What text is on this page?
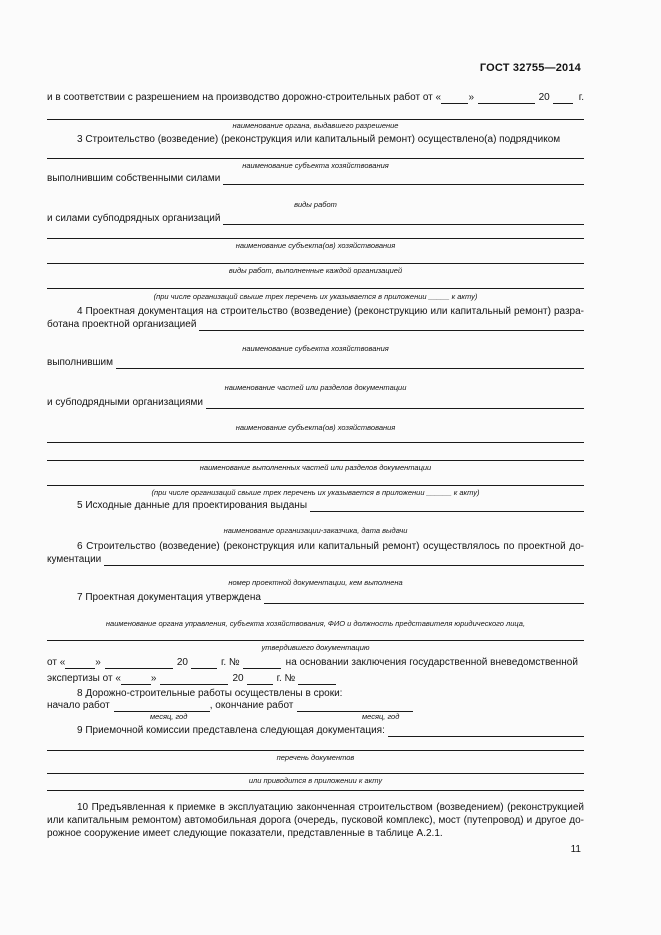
ГОСТ 32755—2014
и в соответствии с разрешением на производство дорожно-строительных работ от «	»	20	г.
наименование органа, выдавшего разрешение
3 Строительство (возведение) (реконструкция или капитальный ремонт) осуществлено(а) подрядчиком
наименование субъекта хозяйствования
выполнившим собственными силами
виды работ
и силами субподрядных организаций
наименование субъекта(ов) хозяйствования
виды работ, выполненные каждой организацией
(при числе организаций свыше трех перечень их указывается в приложении _____ к акту)
4 Проектная документация на строительство (возведение) (реконструкцию или капитальный ремонт) разра-
ботана проектной организацией
наименование субъекта хозяйствования
выполнившим
наименование частей или разделов документации
и субподрядными организациями
наименование субъекта(ов) хозяйствования
наименование выполненных частей или разделов документации
(при числе организаций свыше трех перечень их указывается в приложении ______ к акту)
5 Исходные данные для проектирования выданы
наименование организации-заказчика, дата выдачи
6 Строительство (возведение) (реконструкция или капитальный ремонт) осуществлялось по проектной до-
кументации
номер проектной документации, кем выполнена
7 Проектная документация утверждена
наименование органа управления, субъекта хозяйствования, ФИО и должность представителя юридического лица,
утвердившего документацию
от «	»	20	г. №	на основании заключения государственной вневедомственной
экспертизы от «	»	20	г. №
8 Дорожно-строительные работы осуществлены в сроки:
начало работ	, окончание работ
месяц, год	месяц, год
9 Приемочной комиссии представлена следующая документация:
перечень документов
или приводится в приложении к акту
10 Предъявленная к приемке в эксплуатацию законченная строительством (возведением) (реконструкцией
или капитальным ремонтом) автомобильная дорога (очередь, пусковой комплекс), мост (путепровод) и другое до-
рожное сооружение имеет следующие показатели, представленные в таблице А.2.1.
11
